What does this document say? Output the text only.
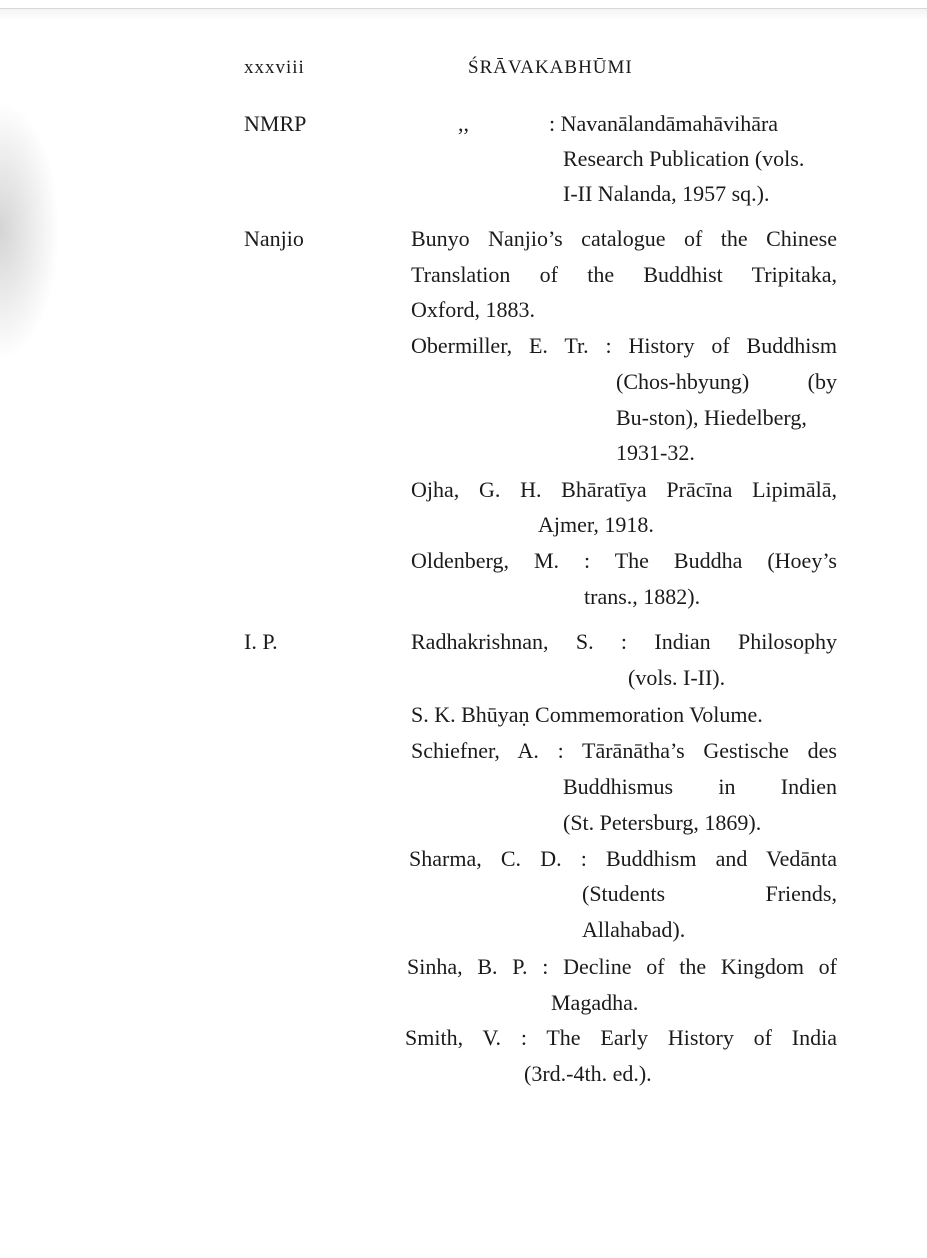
xxxviii	ŚRĀVAKABHŪMI
NMRP	,,	: Navanālandāmahāvihāra
Research Publication (vols.
I-II Nalanda, 1957 sq.).
Nanjio	Bunyo Nanjio’s catalogue of the Chinese
Translation of the Buddhist Tripitaka,
Oxford, 1883.
Obermiller, E. Tr. : History of Buddhism
(Chos-hbyung) (by
Bu-ston), Hiedelberg,
1931-32.
Ojha, G. H. Bhāratīya Prācīna Lipimālā,
Ajmer, 1918.
Oldenberg, M. : The Buddha (Hoey’s
trans., 1882).
I. P.	Radhakrishnan, S. : Indian Philosophy
(vols. I-II).
S. K. Bhūyaṇ Commemoration Volume.
Schiefner, A. : Tārānātha’s Gestische des
Buddhismus in Indien
(St. Petersburg, 1869).
Sharma, C. D. : Buddhism and Vedānta
(Students Friends,
Allahabad).
Sinha, B. P. : Decline of the Kingdom of
Magadha.
Smith, V. : The Early History of India
(3rd.-4th. ed.).
